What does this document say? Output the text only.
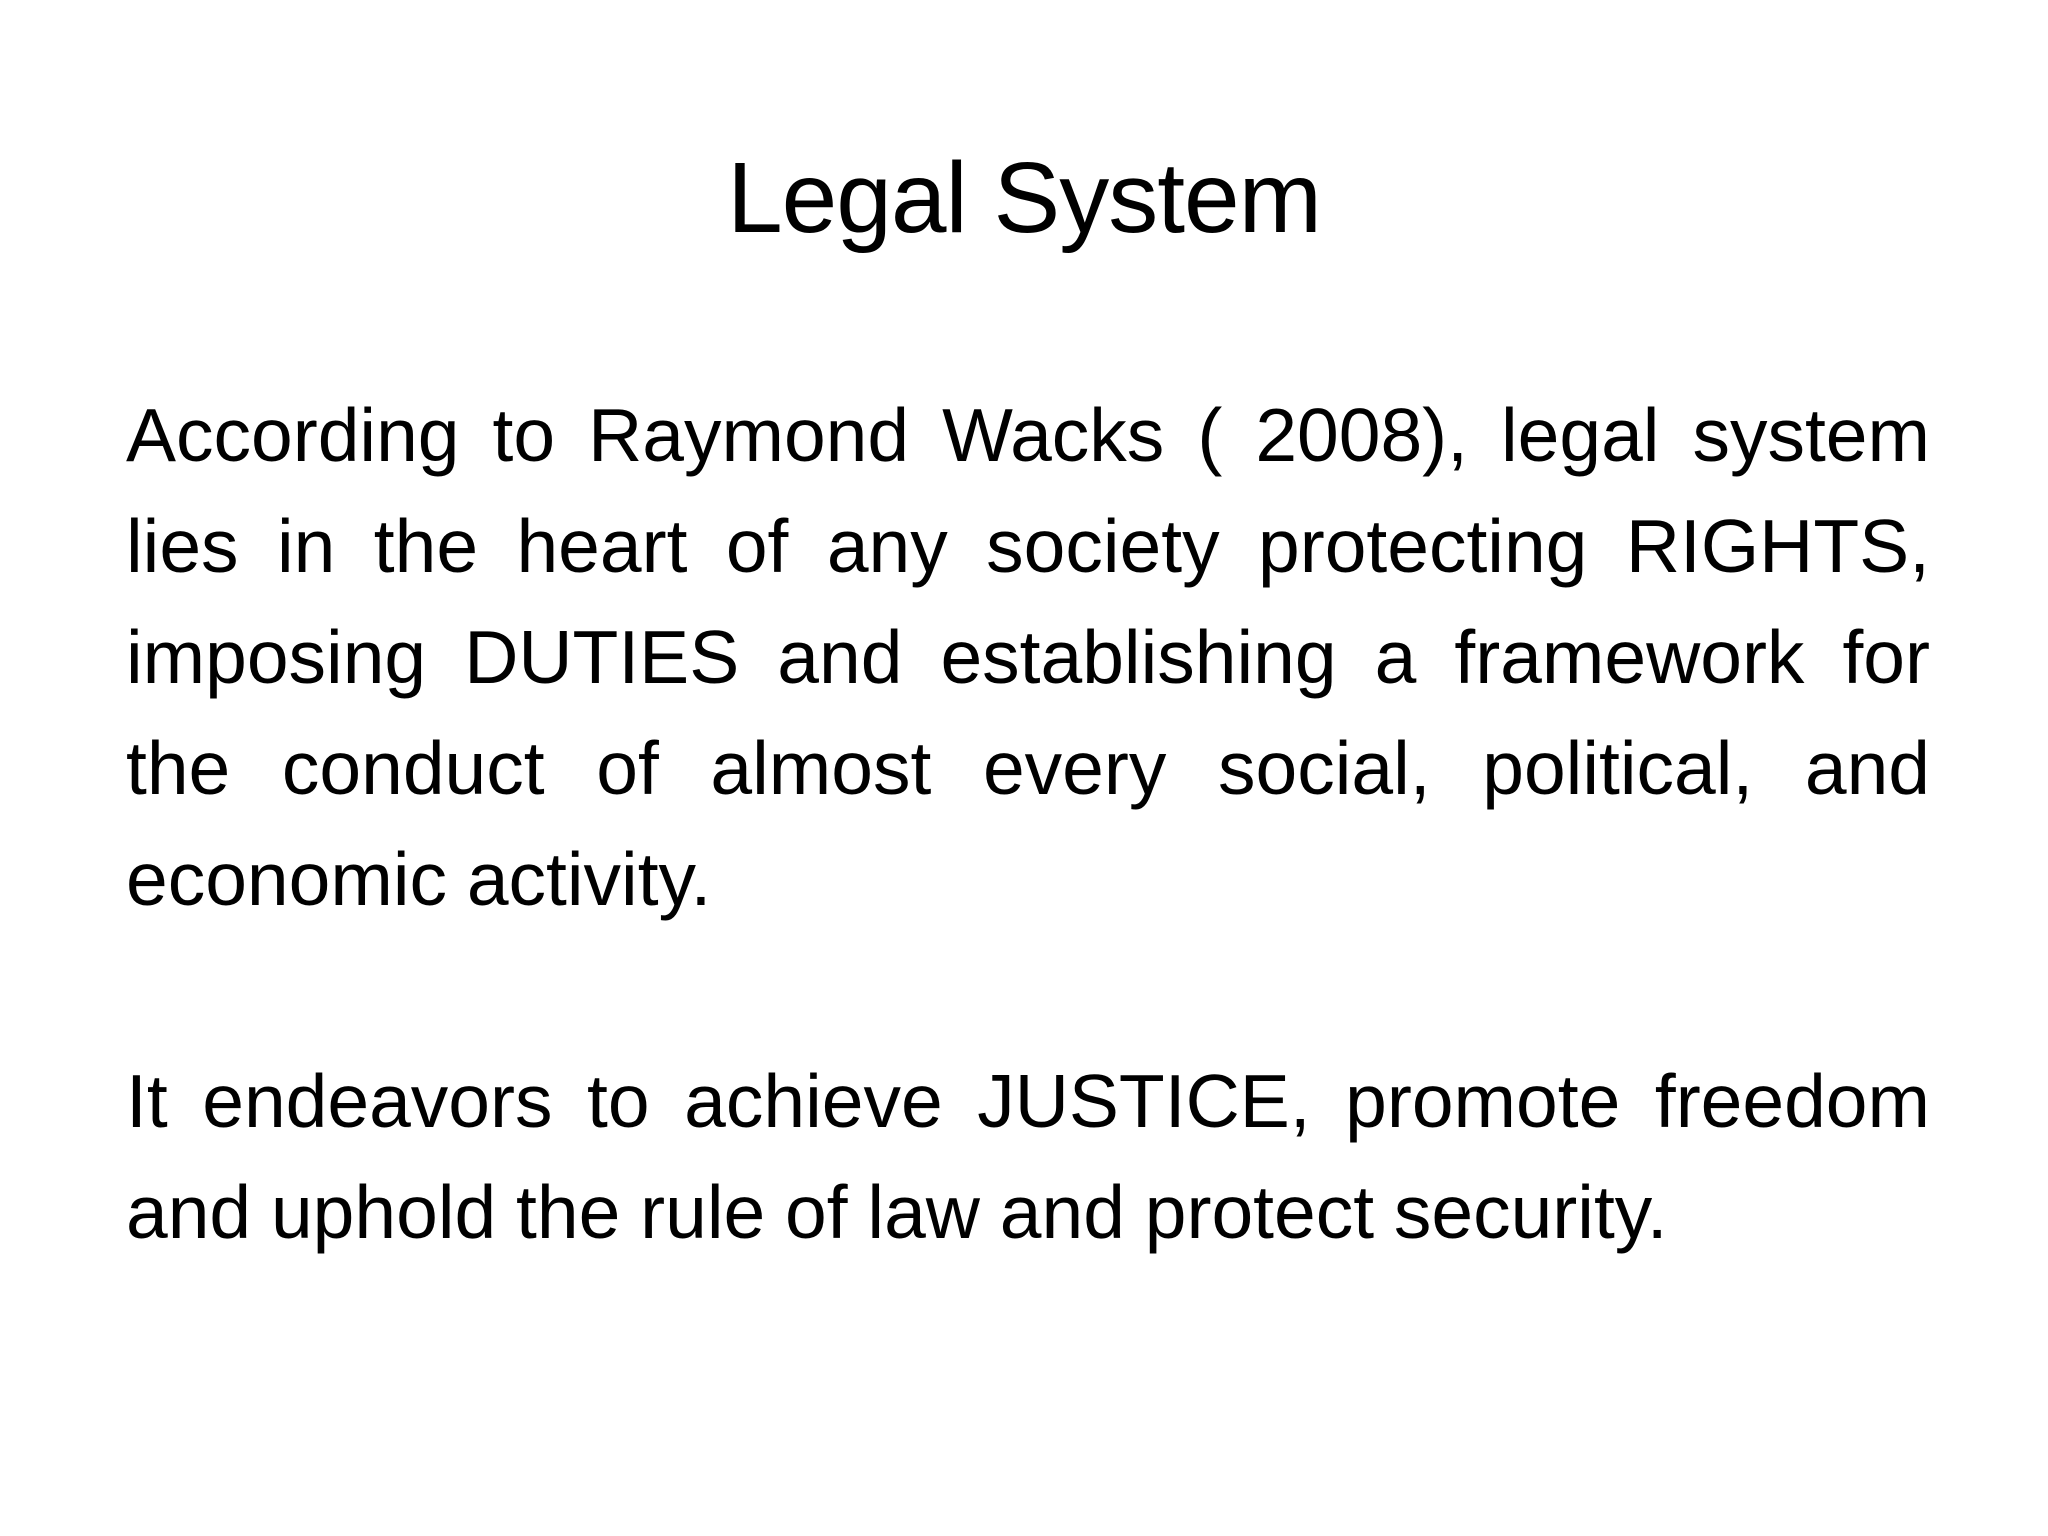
Legal System

According to Raymond Wacks ( 2008), legal system lies in the heart of any society protecting RIGHTS, imposing DUTIES and establishing a framework for the conduct of almost every social, political, and economic activity.

It endeavors to achieve JUSTICE, promote freedom and uphold the rule of law and protect security.
